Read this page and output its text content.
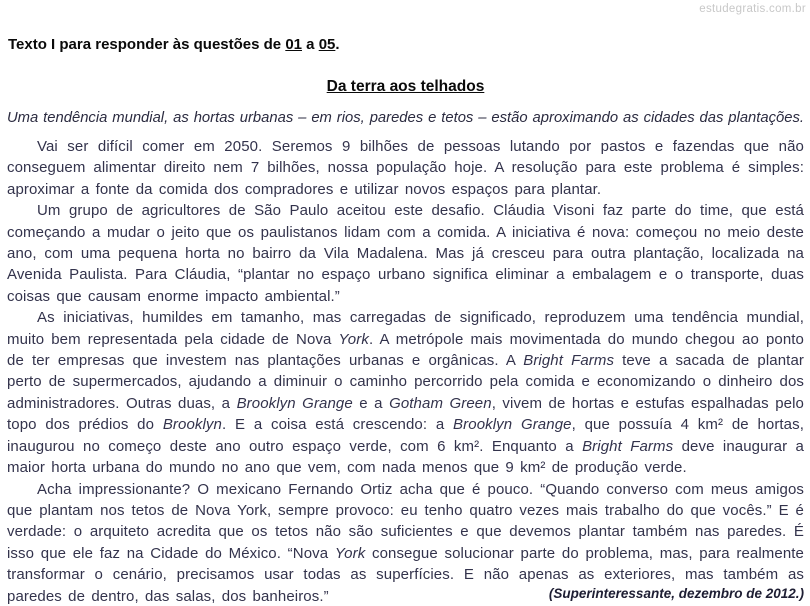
estudegratis.com.br
Texto I para responder às questões de 01 a 05.
Da terra aos telhados
Uma tendência mundial, as hortas urbanas – em rios, paredes e tetos – estão aproximando as cidades das plantações.

Vai ser difícil comer em 2050. Seremos 9 bilhões de pessoas lutando por pastos e fazendas que não conseguem alimentar direito nem 7 bilhões, nossa população hoje. A resolução para este problema é simples: aproximar a fonte da comida dos compradores e utilizar novos espaços para plantar.

Um grupo de agricultores de São Paulo aceitou este desafio. Cláudia Visoni faz parte do time, que está começando a mudar o jeito que os paulistanos lidam com a comida. A iniciativa é nova: começou no meio deste ano, com uma pequena horta no bairro da Vila Madalena. Mas já cresceu para outra plantação, localizada na Avenida Paulista. Para Cláudia, “plantar no espaço urbano significa eliminar a embalagem e o transporte, duas coisas que causam enorme impacto ambiental.”

As iniciativas, humildes em tamanho, mas carregadas de significado, reproduzem uma tendência mundial, muito bem representada pela cidade de Nova York. A metrópole mais movimentada do mundo chegou ao ponto de ter empresas que investem nas plantações urbanas e orgânicas. A Bright Farms teve a sacada de plantar perto de supermercados, ajudando a diminuir o caminho percorrido pela comida e economizando o dinheiro dos administradores. Outras duas, a Brooklyn Grange e a Gotham Green, vivem de hortas e estufas espalhadas pelo topo dos prédios do Brooklyn. E a coisa está crescendo: a Brooklyn Grange, que possuía 4 km² de hortas, inaugurou no começo deste ano outro espaço verde, com 6 km². Enquanto a Bright Farms deve inaugurar a maior horta urbana do mundo no ano que vem, com nada menos que 9 km² de produção verde.

Acha impressionante? O mexicano Fernando Ortiz acha que é pouco. “Quando converso com meus amigos que plantam nos tetos de Nova York, sempre provoco: eu tenho quatro vezes mais trabalho do que vocês.” E é verdade: o arquiteto acredita que os tetos não são suficientes e que devemos plantar também nas paredes. É isso que ele faz na Cidade do México. “Nova York consegue solucionar parte do problema, mas, para realmente transformar o cenário, precisamos usar todas as superfícies. E não apenas as exteriores, mas também as paredes de dentro, das salas, dos banheiros.”	(Superinteressante, dezembro de 2012.)
